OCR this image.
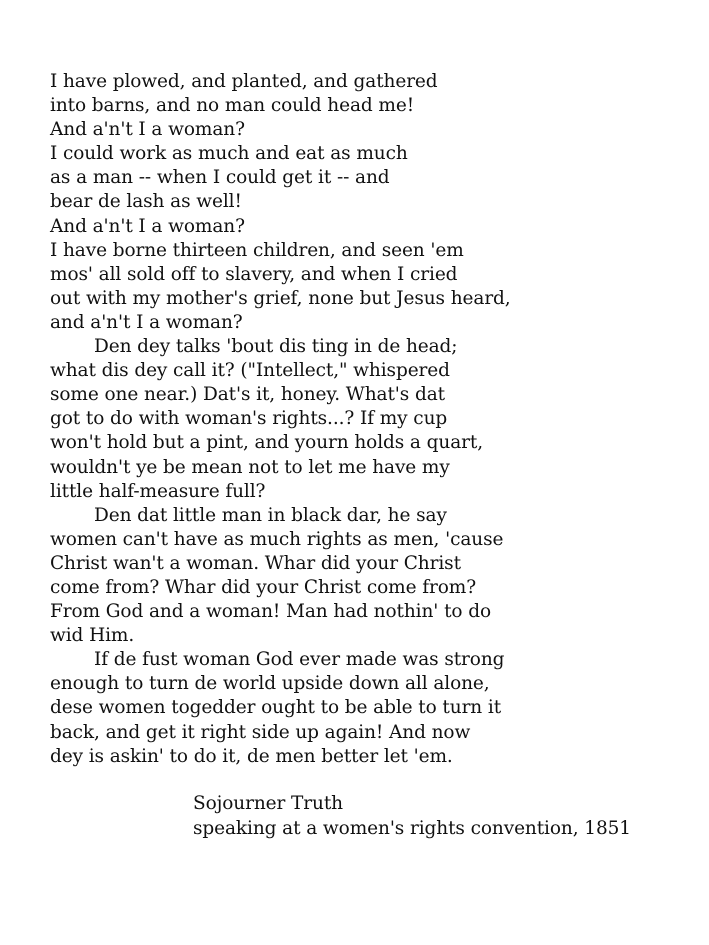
I have plowed, and planted, and gathered
into barns, and no man could head me!
And a'n't I a woman?
I could work as much and eat as much
as a man -- when I could get it -- and
bear de lash as well!
And a'n't I a woman?
I have borne thirteen children, and seen 'em
mos' all sold off to slavery, and when I cried
out with my mother's grief, none but Jesus heard,
and a'n't I a woman?
Den dey talks 'bout dis ting in de head;
what dis dey call it? ("Intellect," whispered
some one near.) Dat's it, honey. What's dat
got to do with woman's rights...? If my cup
won't hold but a pint, and yourn holds a quart,
wouldn't ye be mean not to let me have my
little half-measure full?
Den dat little man in black dar, he say
women can't have as much rights as men, 'cause
Christ wan't a woman. Whar did your Christ
come from? Whar did your Christ come from?
From God and a woman! Man had nothin' to do
wid Him.
If de fust woman God ever made was strong
enough to turn de world upside down all alone,
dese women togedder ought to be able to turn it
back, and get it right side up again! And now
dey is askin' to do it, de men better let 'em.
Sojourner Truth
speaking at a women's rights convention, 1851
